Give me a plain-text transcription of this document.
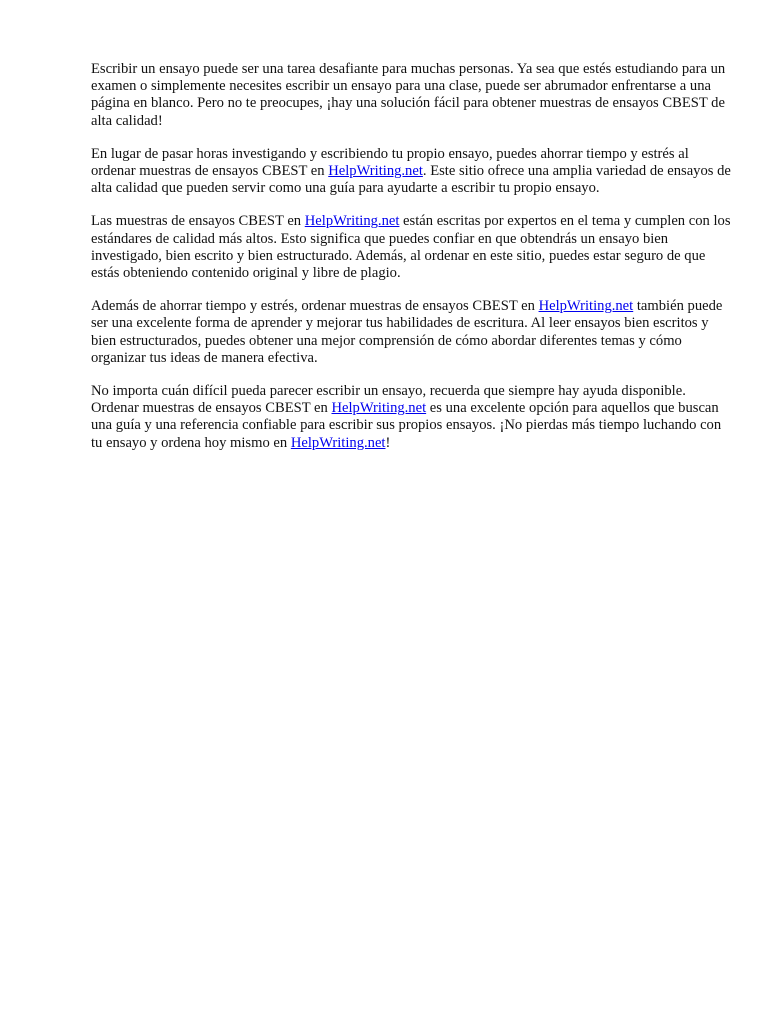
Escribir un ensayo puede ser una tarea desafiante para muchas personas. Ya sea que estés estudiando para un examen o simplemente necesites escribir un ensayo para una clase, puede ser abrumador enfrentarse a una página en blanco. Pero no te preocupes, ¡hay una solución fácil para obtener muestras de ensayos CBEST de alta calidad!

En lugar de pasar horas investigando y escribiendo tu propio ensayo, puedes ahorrar tiempo y estrés al ordenar muestras de ensayos CBEST en HelpWriting.net. Este sitio ofrece una amplia variedad de ensayos de alta calidad que pueden servir como una guía para ayudarte a escribir tu propio ensayo.

Las muestras de ensayos CBEST en HelpWriting.net están escritas por expertos en el tema y cumplen con los estándares de calidad más altos. Esto significa que puedes confiar en que obtendrás un ensayo bien investigado, bien escrito y bien estructurado. Además, al ordenar en este sitio, puedes estar seguro de que estás obteniendo contenido original y libre de plagio.

Además de ahorrar tiempo y estrés, ordenar muestras de ensayos CBEST en HelpWriting.net también puede ser una excelente forma de aprender y mejorar tus habilidades de escritura. Al leer ensayos bien escritos y bien estructurados, puedes obtener una mejor comprensión de cómo abordar diferentes temas y cómo organizar tus ideas de manera efectiva.

No importa cuán difícil pueda parecer escribir un ensayo, recuerda que siempre hay ayuda disponible. Ordenar muestras de ensayos CBEST en HelpWriting.net es una excelente opción para aquellos que buscan una guía y una referencia confiable para escribir sus propios ensayos. ¡No pierdas más tiempo luchando con tu ensayo y ordena hoy mismo en HelpWriting.net!
